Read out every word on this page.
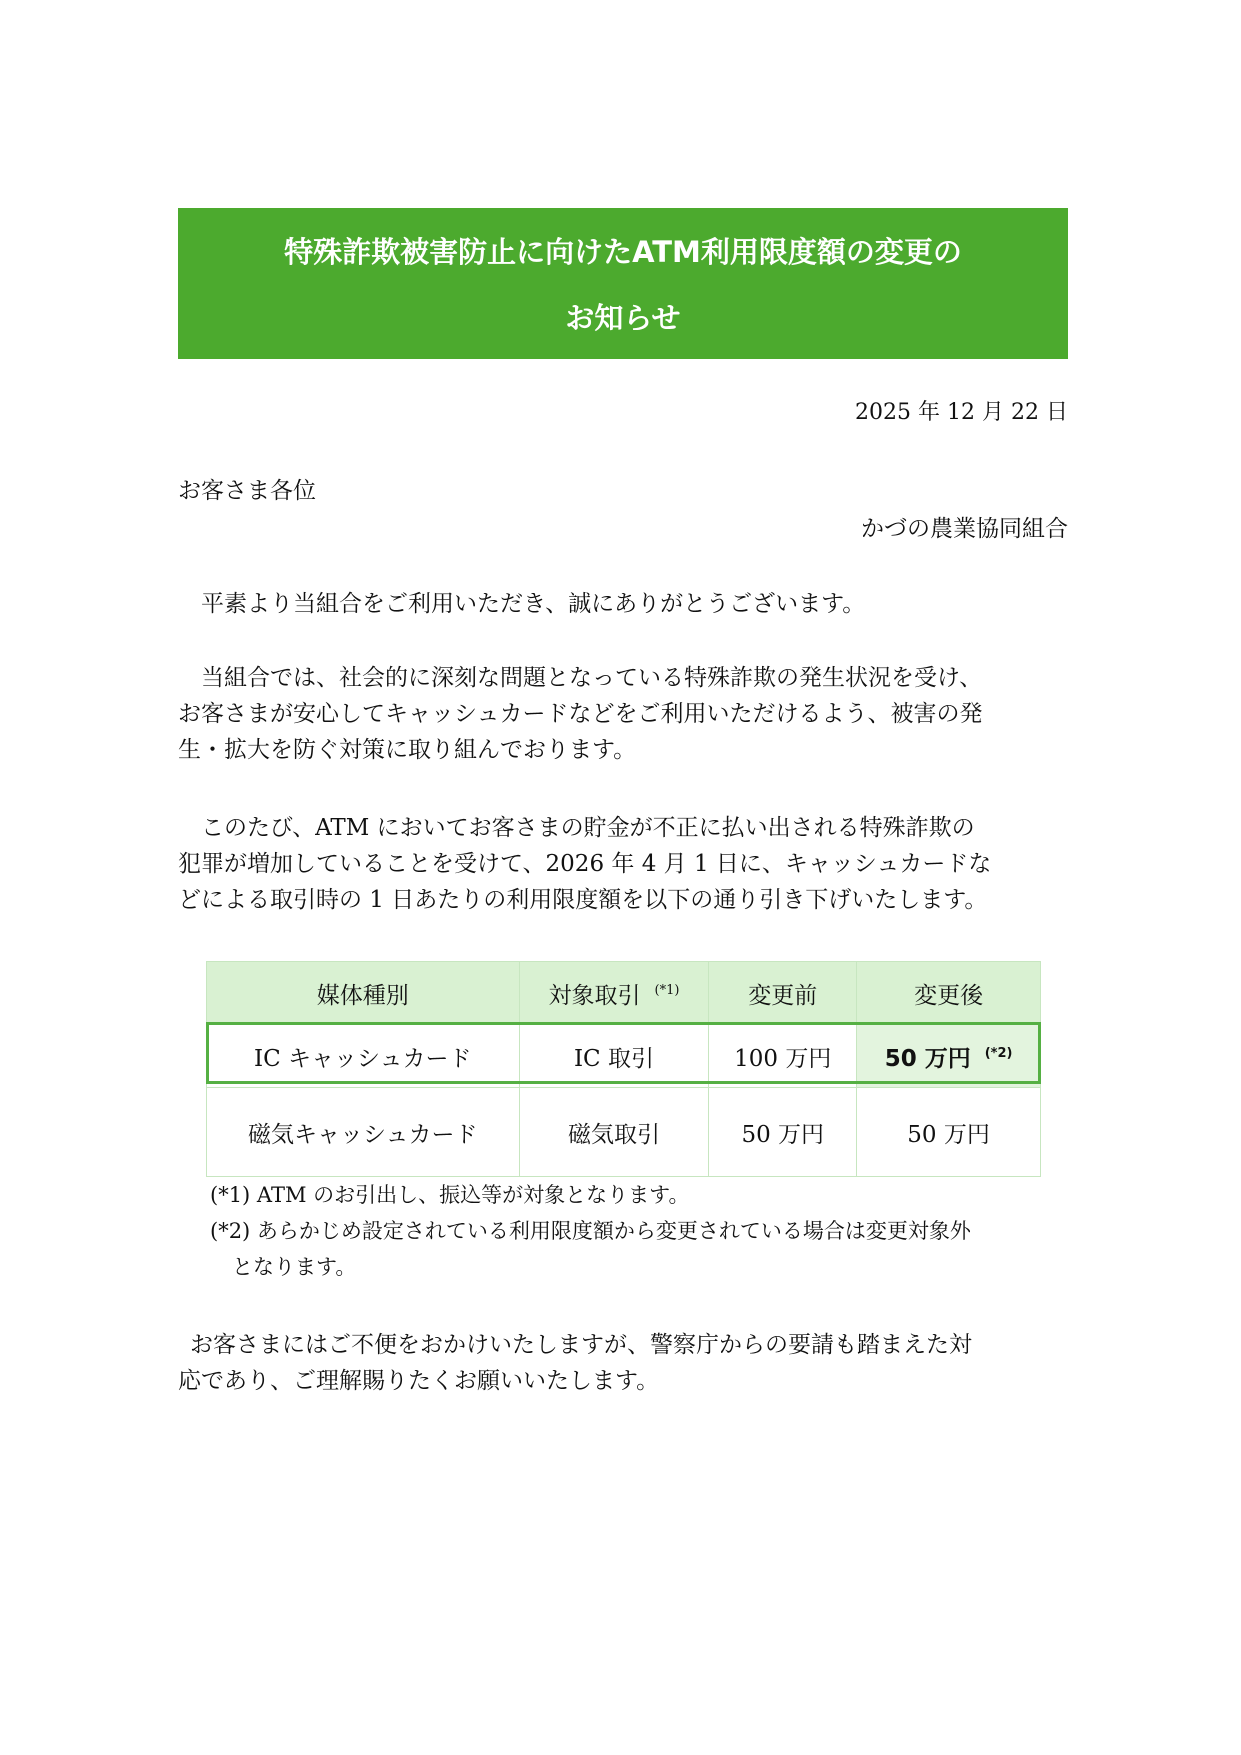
特殊詐欺被害防止に向けたATM利用限度額の変更の
お知らせ
2025 年 12 月 22 日
お客さま各位
かづの農業協同組合

平素より当組合をご利用いただき、誠にありがとうございます。

当組合では、社会的に深刻な問題となっている特殊詐欺の発生状況を受け、
お客さまが安心してキャッシュカードなどをご利用いただけるよう、被害の発
生・拡大を防ぐ対策に取り組んでおります。

このたび、ATM においてお客さまの貯金が不正に払い出される特殊詐欺の
犯罪が増加していることを受けて、2026 年 4 月 1 日に、キャッシュカードな
どによる取引時の 1 日あたりの利用限度額を以下の通り引き下げいたします。

媒体種別	対象取引 $^{(*1)}$	変更前	変更後
IC キャッシュカード	IC 取引	100 万円	50 万円 $^{(*2)}$
磁気キャッシュカード	磁気取引	50 万円	50 万円
(*1) ATM のお引出し、振込等が対象となります。
(*2) あらかじめ設定されている利用限度額から変更されている場合は変更対象外
となります。

お客さまにはご不便をおかけいたしますが、警察庁からの要請も踏まえた対
応であり、ご理解賜りたくお願いいたします。
